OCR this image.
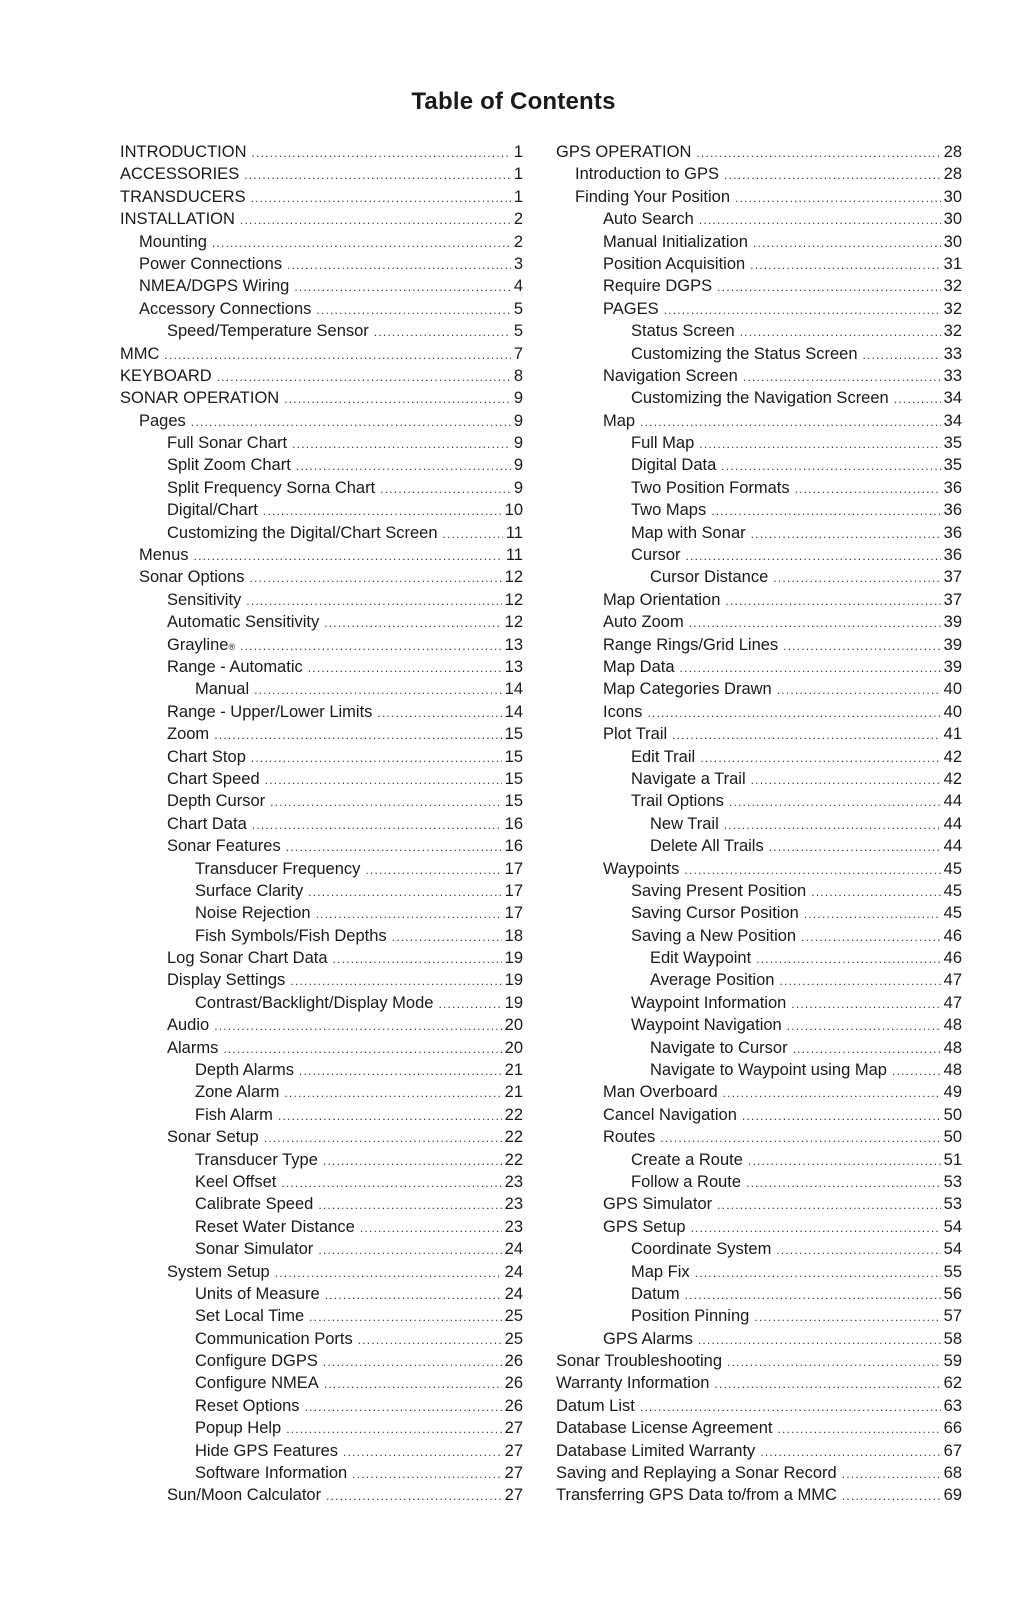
Table of Contents
INTRODUCTION .....	1
ACCESSORIES .....	1
TRANSDUCERS .....	1
INSTALLATION .....	2
Mounting .....	2
Power Connections .....	3
NMEA/DGPS Wiring .....	4
Accessory Connections .....	5
Speed/Temperature Sensor .....	5
MMC .....	7
KEYBOARD .....	8
SONAR OPERATION .....	9
Pages .....	9
Full Sonar Chart .....	9
Split Zoom Chart .....	9
Split Frequency Sorna Chart .....	9
Digital/Chart .....	10
Customizing the Digital/Chart Screen .....	11
Menus .....	11
Sonar Options .....	12
Sensitivity .....	12
Automatic Sensitivity .....	12
Grayline ® .....	13
Range - Automatic .....	13
Manual .....	14
Range - Upper/Lower Limits .....	14
Zoom .....	15
Chart Stop .....	15
Chart Speed .....	15
Depth Cursor .....	15
Chart Data .....	16
Sonar Features .....	16
Transducer Frequency .....	17
Surface Clarity .....	17
Noise Rejection .....	17
Fish Symbols/Fish Depths .....	18
Log Sonar Chart Data .....	19
Display Settings .....	19
Contrast/Backlight/Display Mode .....	19
Audio .....	20
Alarms .....	20
Depth Alarms .....	21
Zone Alarm .....	21
Fish Alarm .....	22
Sonar Setup .....	22
Transducer Type .....	22
Keel Offset .....	23
Calibrate Speed .....	23
Reset Water Distance .....	23
Sonar Simulator .....	24
System Setup .....	24
Units of Measure .....	24
Set Local Time .....	25
Communication Ports .....	25
Configure DGPS .....	26
Configure NMEA .....	26
Reset Options .....	26
Popup Help .....	27
Hide GPS Features .....	27
Software Information .....	27
Sun/Moon Calculator .....	27
GPS OPERATION .....	28
Introduction to GPS .....	28
Finding Your Position .....	30
Auto Search .....	30
Manual Initialization .....	30
Position Acquisition .....	31
Require DGPS .....	32
PAGES .....	32
Status Screen .....	32
Customizing the Status Screen .....	33
Navigation Screen .....	33
Customizing the Navigation Screen .....	34
Map .....	34
Full Map .....	35
Digital Data .....	35
Two Position Formats .....	36
Two Maps .....	36
Map with Sonar .....	36
Cursor .....	36
Cursor Distance .....	37
Map Orientation .....	37
Auto Zoom .....	39
Range Rings/Grid Lines .....	39
Map Data .....	39
Map Categories Drawn .....	40
Icons .....	40
Plot Trail .....	41
Edit Trail .....	42
Navigate a Trail .....	42
Trail Options .....	44
New Trail .....	44
Delete All Trails .....	44
Waypoints .....	45
Saving Present Position .....	45
Saving Cursor Position .....	45
Saving a New Position .....	46
Edit Waypoint .....	46
Average Position .....	47
Waypoint Information .....	47
Waypoint Navigation .....	48
Navigate to Cursor .....	48
Navigate to Waypoint using Map .....	48
Man Overboard .....	49
Cancel Navigation .....	50
Routes .....	50
Create a Route .....	51
Follow a Route .....	53
GPS Simulator .....	53
GPS Setup .....	54
Coordinate System .....	54
Map Fix .....	55
Datum .....	56
Position Pinning .....	57
GPS Alarms .....	58
Sonar Troubleshooting .....	59
Warranty Information .....	62
Datum List .....	63
Database License Agreement .....	66
Database Limited Warranty .....	67
Saving and Replaying a Sonar Record .....	68
Transferring GPS Data to/from a MMC .....	69
